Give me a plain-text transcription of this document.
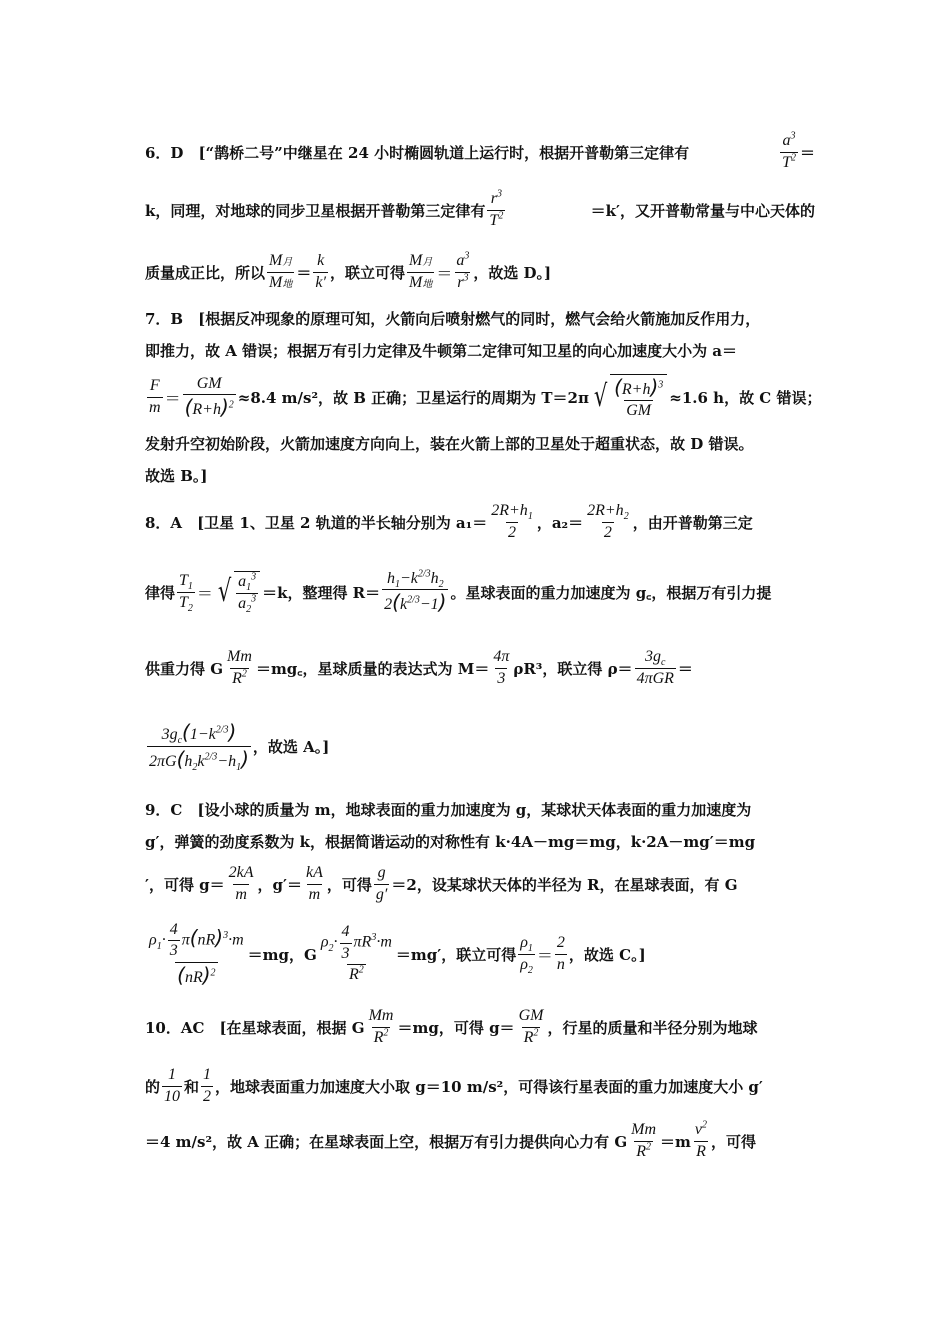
6．D　[“鹊桥二号”中继星在 24 小时椭圆轨道上运行时，根据开普勒第三定律有	$\frac{a^3}{T^2}$ ＝
k，同理，对地球的同步卫星根据开普勒第三定律有 $\frac{r^3}{T^2}$	＝k′，又开普勒常量与中心天体的
质量成正比，所以 $\frac{\text{M月}}{\text{M地}} = \frac{k}{k'}$ ，联立可得 $\frac{\text{M月}}{\text{M地}} = \frac{a^3}{r^3}$ ，故选 D。]
7．B　[根据反冲现象的原理可知，火箭向后喷射燃气的同时，燃气会给火箭施加反作用力，
即推力，故 A 错误；根据万有引力定律及牛顿第二定律可知卫星的向心加速度大小为 a＝
$\frac{F}{m} = \frac{GM}{(R+h)^2} \approx 8.4$ m/s²，故 B 正确；卫星运行的周期为 T＝2π √ $\frac{(R+h)^3}{GM} \approx 1.6$ h，故 C 错误；
发射升空初始阶段，火箭加速度方向向上，装在火箭上部的卫星处于超重状态，故 D 错误。
故选 B。]
8．A　[卫星 1、卫星 2 轨道的半长轴分别为 $a_1= \frac{2R+h_1}{2}$ ，$a_2= \frac{2R+h_2}{2}$ ，由开普勒第三定
律得 $\frac{T_1}{T_2}$ ＝ √ $\frac{a_1^3}{a_2^3} =k$，整理得 $R= \frac{h_1-k^{2/3}h_2}{2(k^{2/3}-1)}$ 。星球表面的重力加速度为 g꜀，根据万有引力提
供重力得 G $\frac{Mm}{R^2}$ ＝mg꜀，星球质量的表达式为 $M= \frac{4\pi}{3} \rho R^3$，联立得 $\rho= \frac{3g_c}{\text{4πGR}}$ ＝
$\frac{3g_c(1-k^{2/3})}{2\pi G(h_2k^{2/3}-h_1)}$ ，故选 A。]
9．C　[设小球的质量为 m，地球表面的重力加速度为 g，某球状天体表面的重力加速度为
g′，弹簧的劲度系数为 k，根据简谐运动的对称性有 k·4A－mg＝mg，k·2A－mg′＝mg
′，可得 $g= \frac{2kA}{m}$ ，$g'= \frac{kA}{m}$ ，可得 $\frac{g}{g'} =2$，设某球状天体的半径为 R，在星球表面，有 G
$\frac{\rho_1\cdot \frac{4}{3} \pi(nR)^3\cdot m}{(nR)^2} =mg$，G $\frac{\rho_2\cdot \frac{4}{3} \pi R^3\cdot m}{R^2} =mg'$，联立可得 $\frac{\rho_1}{\rho_2} = \frac{2}{n}$ ，故选 C。]
10．AC　[在星球表面，根据 G $\frac{Mm}{R^2} =mg$，可得 $g= \frac{GM}{R^2}$ ，行星的质量和半径分别为地球
的 $\frac{1}{10}$ 和 $\frac{1}{2}$ ，地球表面重力加速度大小取 g＝10 m/s²，可得该行星表面的重力加速度大小 g′
＝4 m/s²，故 A 正确；在星球表面上空，根据万有引力提供向心力有 G $\frac{Mm}{R^2} =m \frac{v^2}{R}$ ，可得
